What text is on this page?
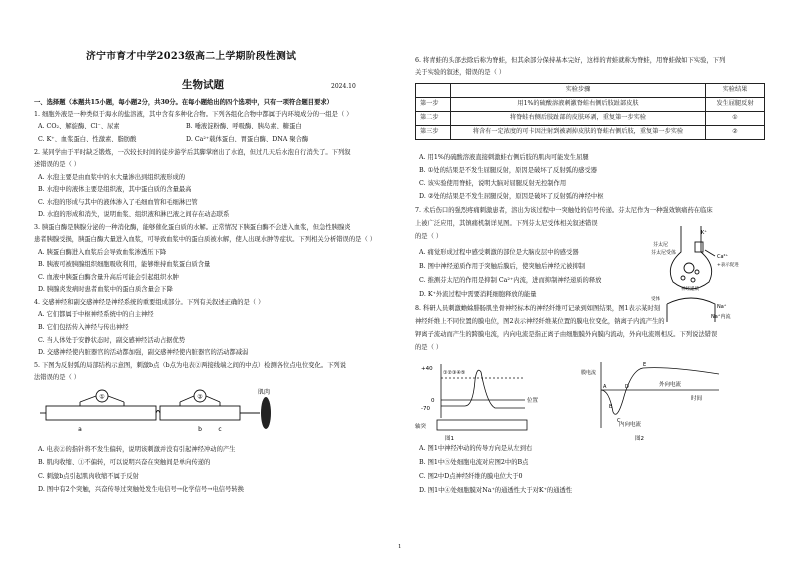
济宁市育才中学2023级高二上学期阶段性测试
生物试题	2024.10
一、选择题（本题共15小题，每小题2分，共30分。在每小题给出的四个选项中，只有一项符合题目要求）
1. 细胞外液是一种类似于海水的盐溶液，其中含有多种化合物。下列各组化合物中都属于内环境成分的一组是（ ）
A. CO₂、解旋酶、Cl⁻、尿素	B. 唾液淀粉酶、呼吸酶、胰岛素、糖蛋白
C. K⁺、血浆蛋白、性激素、脂肪酸	D. Ca²⁺载体蛋白、胃蛋白酶、DNA 聚合酶
2. 某同学由于平时缺乏锻炼，一次较长时间的徒步游学后其脚掌磨出了水泡，但过几天后水泡自行消失了。下列叙
述错误的是（ ）
A. 水泡主要是由血浆中的水大量渗出到组织液形成的
B. 水泡中的液体主要是组织液，其中蛋白质的含量最高
C. 水泡的形成与其中的液体渗入了毛细血管和毛细淋巴管
D. 水泡的形成和消失，说明血浆、组织液和淋巴液之间存在动态联系
3. 胰蛋白酶是胰腺分泌的一种消化酶，能够催化蛋白质的水解。正常情况下胰蛋白酶不会进入血浆，但急性胰腺炎
患者胰腺受损，胰蛋白酶大量进入血浆，可导致血浆中的蛋白质被水解，使人出现水肿等症状。下列相关分析错误的是（ ）
A. 胰蛋白酶进入血浆后会导致血浆渗透压下降
B. 胰液可被胰腺组织细胞吸收利用，能够维持血浆蛋白质含量
C. 血液中胰蛋白酶含量升高后可能会引起组织水肿
D. 胰腺炎发病时患者血浆中的蛋白质含量会下降
4. 交感神经和副交感神经是神经系统的重要组成部分。下列有关叙述正确的是（ ）
A. 它们都属于中枢神经系统中的自主神经
B. 它们包括传入神经与传出神经
C. 当人体处于安静状态时，副交感神经活动占据优势
D. 交感神经使内脏器官的活动都加强，副交感神经使内脏器官的活动都减弱
5. 下图为反射弧的局部结构示意图，刺激b点（b点为电表②两接线端之间的中点）检测各位点电位变化。下列说
法错误的是（ ）
①	②
a	b	c
肌肉
A. 电表②的指针将不发生偏转，说明该刺激并没有引起神经冲动的产生
B. 肌肉收缩、①不偏转，可以说明兴奋在突触间是单向传递的
C. 刺激b点引起肌肉收缩不属于反射
D. 图中有2个突触，兴奋传导过突触处发生电信号→化学信号→电信号转换
6. 将青蛙的头部去除后称为脊蛙，但其余部分保持基本完好，这样的青蛙就称为脊蛙，用脊蛙做如下实验，下列
关于实验的叙述，错误的是（ ）
	实验步骤	实验结果
第一步	用1%的硫酸溶液刺激脊蛙右侧后肢趾部皮肤	发生屈腿反射
第二步	将脊蛙右侧后肢趾部的皮肤环剥，重复第一步实验	①
第三步	将含有一定浓度的可卡因注射到被剥掉皮肤的脊蛙右侧后肢，重复第一步实验	②
A. 用1%的硫酸溶液直接刺激蛙右侧后肢的肌肉可能发生屈腿
B. ①处的结果是不发生屈腿反射，原因是破坏了反射弧的感受器
C. 该实验使用脊蛙，说明大脑对屈腿反射无控制作用
D. ②处的结果是不发生屈腿反射，原因是破坏了反射弧的神经中枢
7. 术后伤口的强烈疼痛刺激患者，溶出为该过程中一突触处的信号传递。芬太尼作为一种强效镇痛药在临床
上被广泛应用，其镇痛机制详见图。下列芬太尼受体相关叙述错误
的是（ ）
A. 痛觉形成过程中感受刺激的部位是大脑皮层中的感受器
B. 图中神经递质作用于突触后膜后，使突触后神经元被抑制
C. 推测芬太尼的作用是抑制 Ca²⁺内流，进而抑制神经递质的释放
D. K⁺外流过程中需要消耗细胞释放的能量
芬太尼
芬太尼受体
K⁺
Ca²⁺
+表示促进
神经递质
Na⁺
Na⁺内流
受体
8. 科研人员刺激蟾蜍腓肠肌坐骨神经标本的神经纤维可记录到如图结果，图1表示某时刻
神经纤维上不同位置的膜电位，图2表示神经纤维某位置的膜电位变化，钠离子内流产生的
钾离子流动而产生的跨膜电流，内向电流是指正离子由细胞膜外向膜内流动，外向电流则相反。下列说法错误
的是（ ）
+40
0
-70
位置
轴突
图1
①②③④⑤	膜电流
外向电流
内向电流
时间
图2
A
B
C
D
E
A. 图1中神经冲动的传导方向是从左到右
B. 图1中⑤处细胞电流对应图2中的B点
C. 图2中D点神经纤维的膜电位大于0
D. 图1中④处细胞膜对Na⁺的通透性大于对K⁺的通透性
1
